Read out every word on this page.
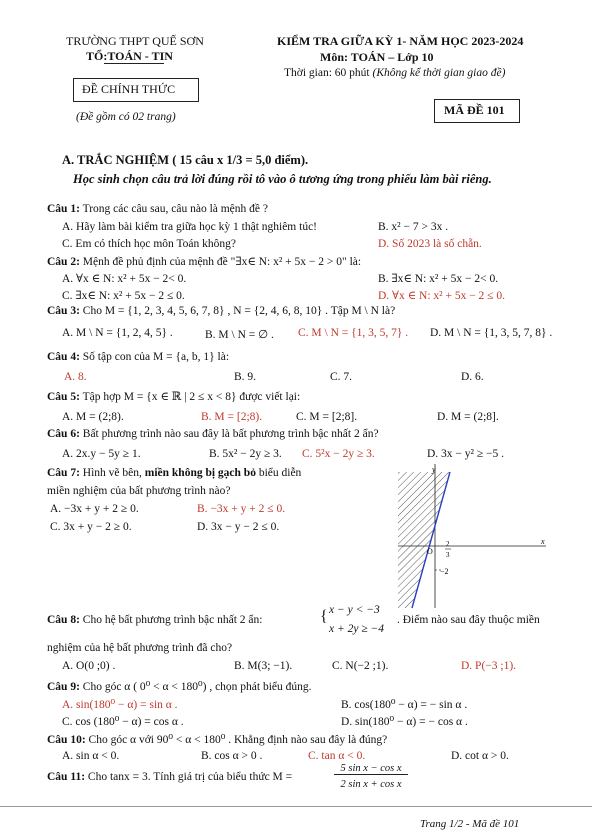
TRƯỜNG THPT QUẾ SƠN
TỔ:TOÁN - TIN
ĐỀ CHÍNH THỨC
(Đề gồm có 02 trang)
KIỂM TRA GIỮA KỲ 1- NĂM HỌC 2023-2024
Môn: TOÁN – Lớp 10
Thời gian: 60 phút (Không kể thời gian giao đề)
MÃ ĐỀ 101
A. TRẮC NGHIỆM ( 15 câu x 1/3 = 5,0 điểm).
Học sinh chọn câu trả lời đúng rồi tô vào ô tương ứng trong phiếu làm bài riêng.
Câu 1: Trong các câu sau, câu nào là mệnh đề ?
A. Hãy làm bài kiểm tra giữa học kỳ 1 thật nghiêm túc!	B. x² − 7 > 3x .
C. Em có thích học môn Toán không?	D. Số 2023 là số chẵn.
Câu 2: Mệnh đề phủ định của mệnh đề "∃x∈ N: x² + 5x − 2 > 0" là:
A. ∀x ∈ N: x² + 5x − 2< 0.	B. ∃x∈ N: x² + 5x − 2< 0.
C. ∃x∈ N: x² + 5x − 2 ≤ 0.	D. ∀x ∈ N: x² + 5x − 2 ≤ 0.
Câu 3: Cho M = {1, 2, 3, 4, 5, 6, 7, 8} , N = {2, 4, 6, 8, 10} . Tập M \ N là?
A. M \ N = {1, 2, 4, 5} .	B. M \ N = ∅ . C. M \ N = {1, 3, 5, 7} . D. M \ N = {1, 3, 5, 7, 8} .
Câu 4: Số tập con của M = {a, b, 1} là:
A. 8.	B. 9.	C. 7.	D. 6.
Câu 5: Tập hợp M = {x ∈ ℝ | 2 ≤ x < 8} được viết lại:
A. M = (2;8).	B. M = [2;8).	C. M = [2;8].	D. M = (2;8].
Câu 6: Bất phương trình nào sau đây là bất phương trình bậc nhất 2 ẩn?
A. 2x.y − 5y ≥ 1.	B. 5x² − 2y ≥ 3. C. 5²x − 2y ≥ 3.	D. 3x − y² ≥ −5 .
Câu 7: Hình vẽ bên, miền không bị gạch bỏ biểu diễn
miền nghiệm của bất phương trình nào?
A. −3x + y + 2 ≥ 0.	B. −3x + y + 2 ≤ 0.
C. 3x + y − 2 ≥ 0.	D. 3x − y − 2 ≤ 0.
y
x
O
2
3
−2
Câu 8: Cho hệ bất phương trình bậc nhất 2 ẩn:	{ x − y < −3
x + 2y ≥ −4
. Điểm nào sau đây thuộc miền
nghiệm của hệ bất phương trình đã cho?
A. O(0 ;0) .	B. M(3; −1).	C. N(−2 ;1).	D. P(−3 ;1).
Câu 9: Cho góc α ( 0⁰ < α < 180⁰) , chọn phát biểu đúng.
A. sin(180⁰ − α) = sin α .	B. cos(180⁰ − α) = − sin α .
C. cos (180⁰ − α) = cos α .	D. sin(180⁰ − α) = − cos α .
Câu 10: Cho góc α với 90⁰ < α < 180⁰ . Khẳng định nào sau đây là đúng?
A. sin α < 0.	B. cos α > 0 .	C. tan α < 0.	D. cot α > 0.
Câu 11: Cho tanx = 3. Tính giá trị của biểu thức M =
5 sin x − cos x
2 sin x + cos x
Trang 1/2 - Mã đề 101
